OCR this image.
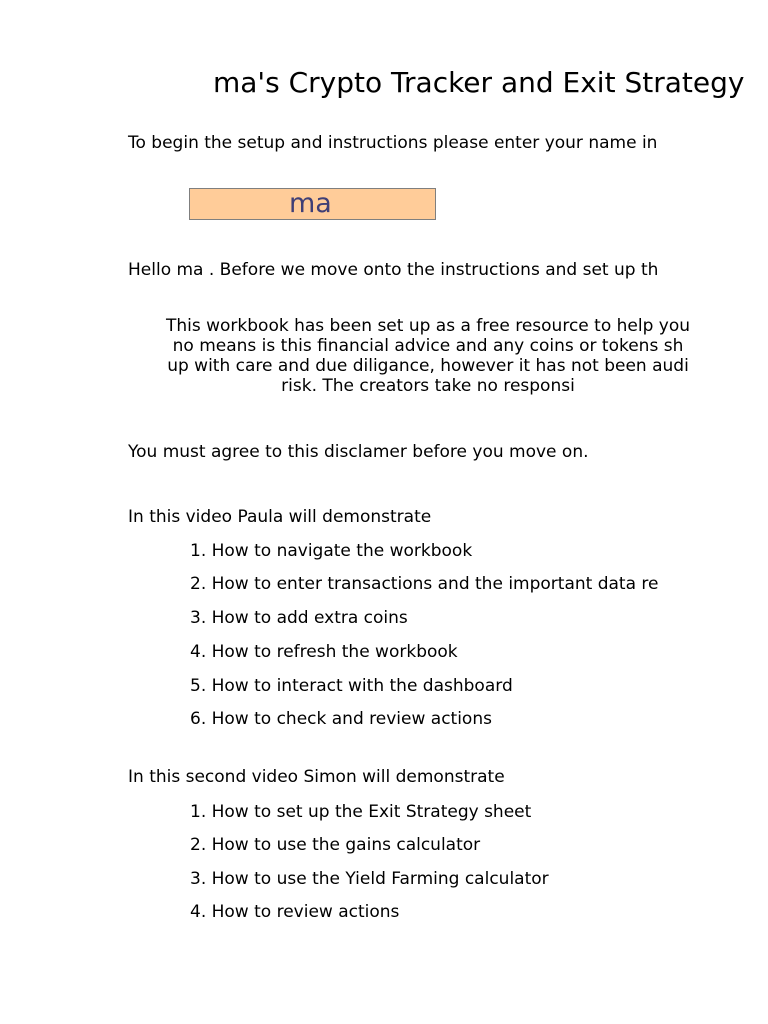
ma's Crypto Tracker and Exit Strategy
To begin the setup and instructions please enter your name in
ma
Hello ma . Before we move onto the instructions and set up th
This workbook has been set up as a free resource to help you
no means is this financial advice and any coins or tokens sh
up with care and due diligance, however it has not been audi
risk. The creators take no responsi
You must agree to this disclamer before you move on.
In this video Paula will demonstrate
1. How to navigate the workbook
2. How to enter transactions and the important data re
3. How to add extra coins
4. How to refresh the workbook
5. How to interact with the dashboard
6. How to check and review actions
In this second video Simon will demonstrate
1. How to set up the Exit Strategy sheet
2. How to use the gains calculator
3. How to use the Yield Farming calculator
4. How to review actions
